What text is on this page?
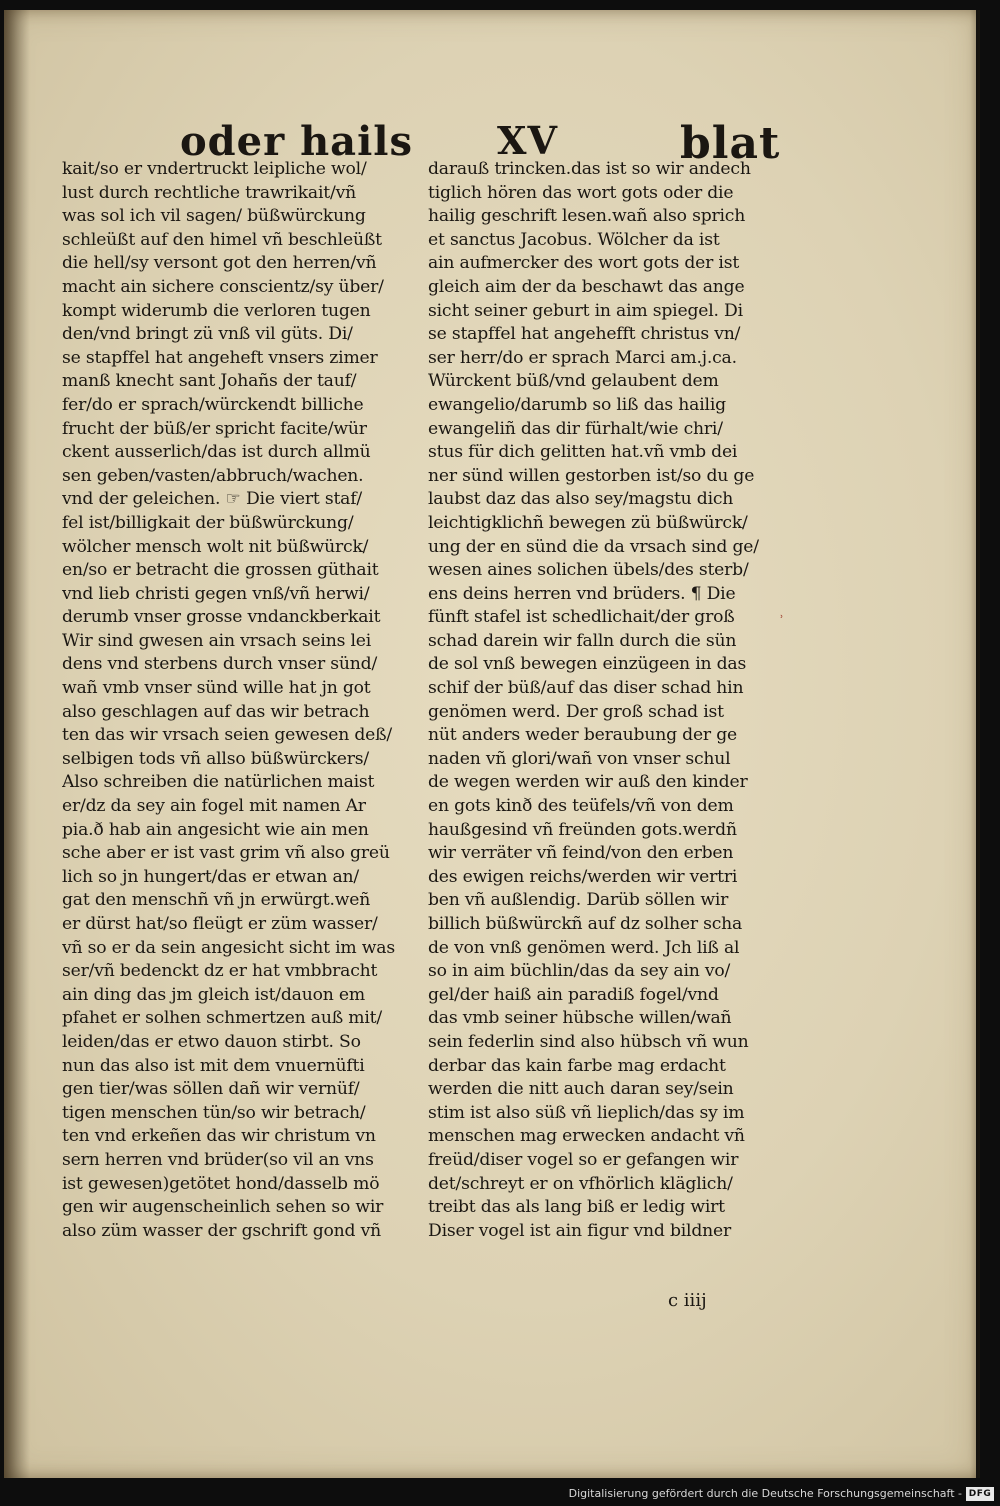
oder hails XV	blat
kait/so er vndertruckt leipliche wol/
lust durch rechtliche trawrikait/vñ
was sol ich vil sagen/ büßwürckung
schleüßt auf den himel vñ beschleüßt
die hell/sy versont got den herren/vñ
macht ain sichere conscientz/sy über/
kompt widerumb die verloren tugen
den/vnd bringt zü vnß vil güts. Di/
se stapffel hat angeheft vnsers zimer
manß knecht sant Johañs der tauf/
fer/do er sprach/würckendt billiche
frucht der büß/er spricht facite/wür
ckent ausserlich/das ist durch allmü
sen geben/vasten/abbruch/wachen.
vnd der geleichen. ☞ Die viert staf/
fel ist/billigkait der büßwürckung/
wölcher mensch wolt nit büßwürck/
en/so er betracht die grossen güthait
vnd lieb christi gegen vnß/vñ herwi/
derumb vnser grosse vndanckberkait
Wir sind gwesen ain vrsach seins lei
dens vnd sterbens durch vnser sünd/
wañ vmb vnser sünd wille hat jn got
also geschlagen auf das wir betrach
ten das wir vrsach seien gewesen deß/
selbigen tods vñ allso büßwürckers/
Also schreiben die natürlichen maist
er/dz da sey ain fogel mit namen Ar
pia.ð hab ain angesicht wie ain men
sche aber er ist vast grim vñ also greü
lich so jn hungert/das er etwan an/
gat den menschñ vñ jn erwürgt.weñ
er dürst hat/so fleügt er züm wasser/
vñ so er da sein angesicht sicht im was
ser/vñ bedenckt dz er hat vmbbracht
ain ding das jm gleich ist/dauon em
pfahet er solhen schmertzen auß mit/
leiden/das er etwo dauon stirbt. So
nun das also ist mit dem vnuernüfti
gen tier/was söllen dañ wir vernüf/
tigen menschen tün/so wir betrach/
ten vnd erkeñen das wir christum vn
sern herren vnd brüder(so vil an vns
ist gewesen)getötet hond/dasselb mö
gen wir augenscheinlich sehen so wir
also züm wasser der gschrift gond vñ
darauß trincken.das ist so wir andech
tiglich hören das wort gots oder die
hailig geschrift lesen.wañ also sprich
et sanctus Jacobus. Wölcher da ist
ain aufmercker des wort gots der ist
gleich aim der da beschawt das ange
sicht seiner geburt in aim spiegel. Di
se stapffel hat angehefft christus vn/
ser herr/do er sprach Marci am.j.ca.
Würckent büß/vnd gelaubent dem
ewangelio/darumb so liß das hailig
ewangeliñ das dir fürhalt/wie chri/
stus für dich gelitten hat.vñ vmb dei
ner sünd willen gestorben ist/so du ge
laubst daz das also sey/magstu dich
leichtigklichñ bewegen zü büßwürck/
ung der en sünd die da vrsach sind ge/
wesen aines solichen übels/des sterb/
ens deins herren vnd brüders. ¶ Die
fünft stafel ist schedlichait/der groß
schad darein wir falln durch die sün
de sol vnß bewegen einzügeen in das
schif der büß/auf das diser schad hin
genömen werd. Der groß schad ist
nüt anders weder beraubung der ge
naden vñ glori/wañ von vnser schul
de wegen werden wir auß den kinder
en gots kinð des teüfels/vñ von dem
haußgesind vñ freünden gots.werdñ
wir verräter vñ feind/von den erben
des ewigen reichs/werden wir vertri
ben vñ außlendig. Darüb söllen wir
billich büßwürckñ auf dz solher scha
de von vnß genömen werd. Jch liß al
so in aim büchlin/das da sey ain vo/
gel/der haiß ain paradiß fogel/vnd
das vmb seiner hübsche willen/wañ
sein federlin sind also hübsch vñ wun
derbar das kain farbe mag erdacht
werden die nitt auch daran sey/sein
stim ist also süß vñ lieplich/das sy im
menschen mag erwecken andacht vñ
freüd/diser vogel so er gefangen wir
det/schreyt er on vfhörlich kläglich/
treibt das als lang biß er ledig wirt
Diser vogel ist ain figur vnd bildner
˒
c iiij
Digitalisierung gefördert durch die Deutsche Forschungsgemeinschaft - DFG
